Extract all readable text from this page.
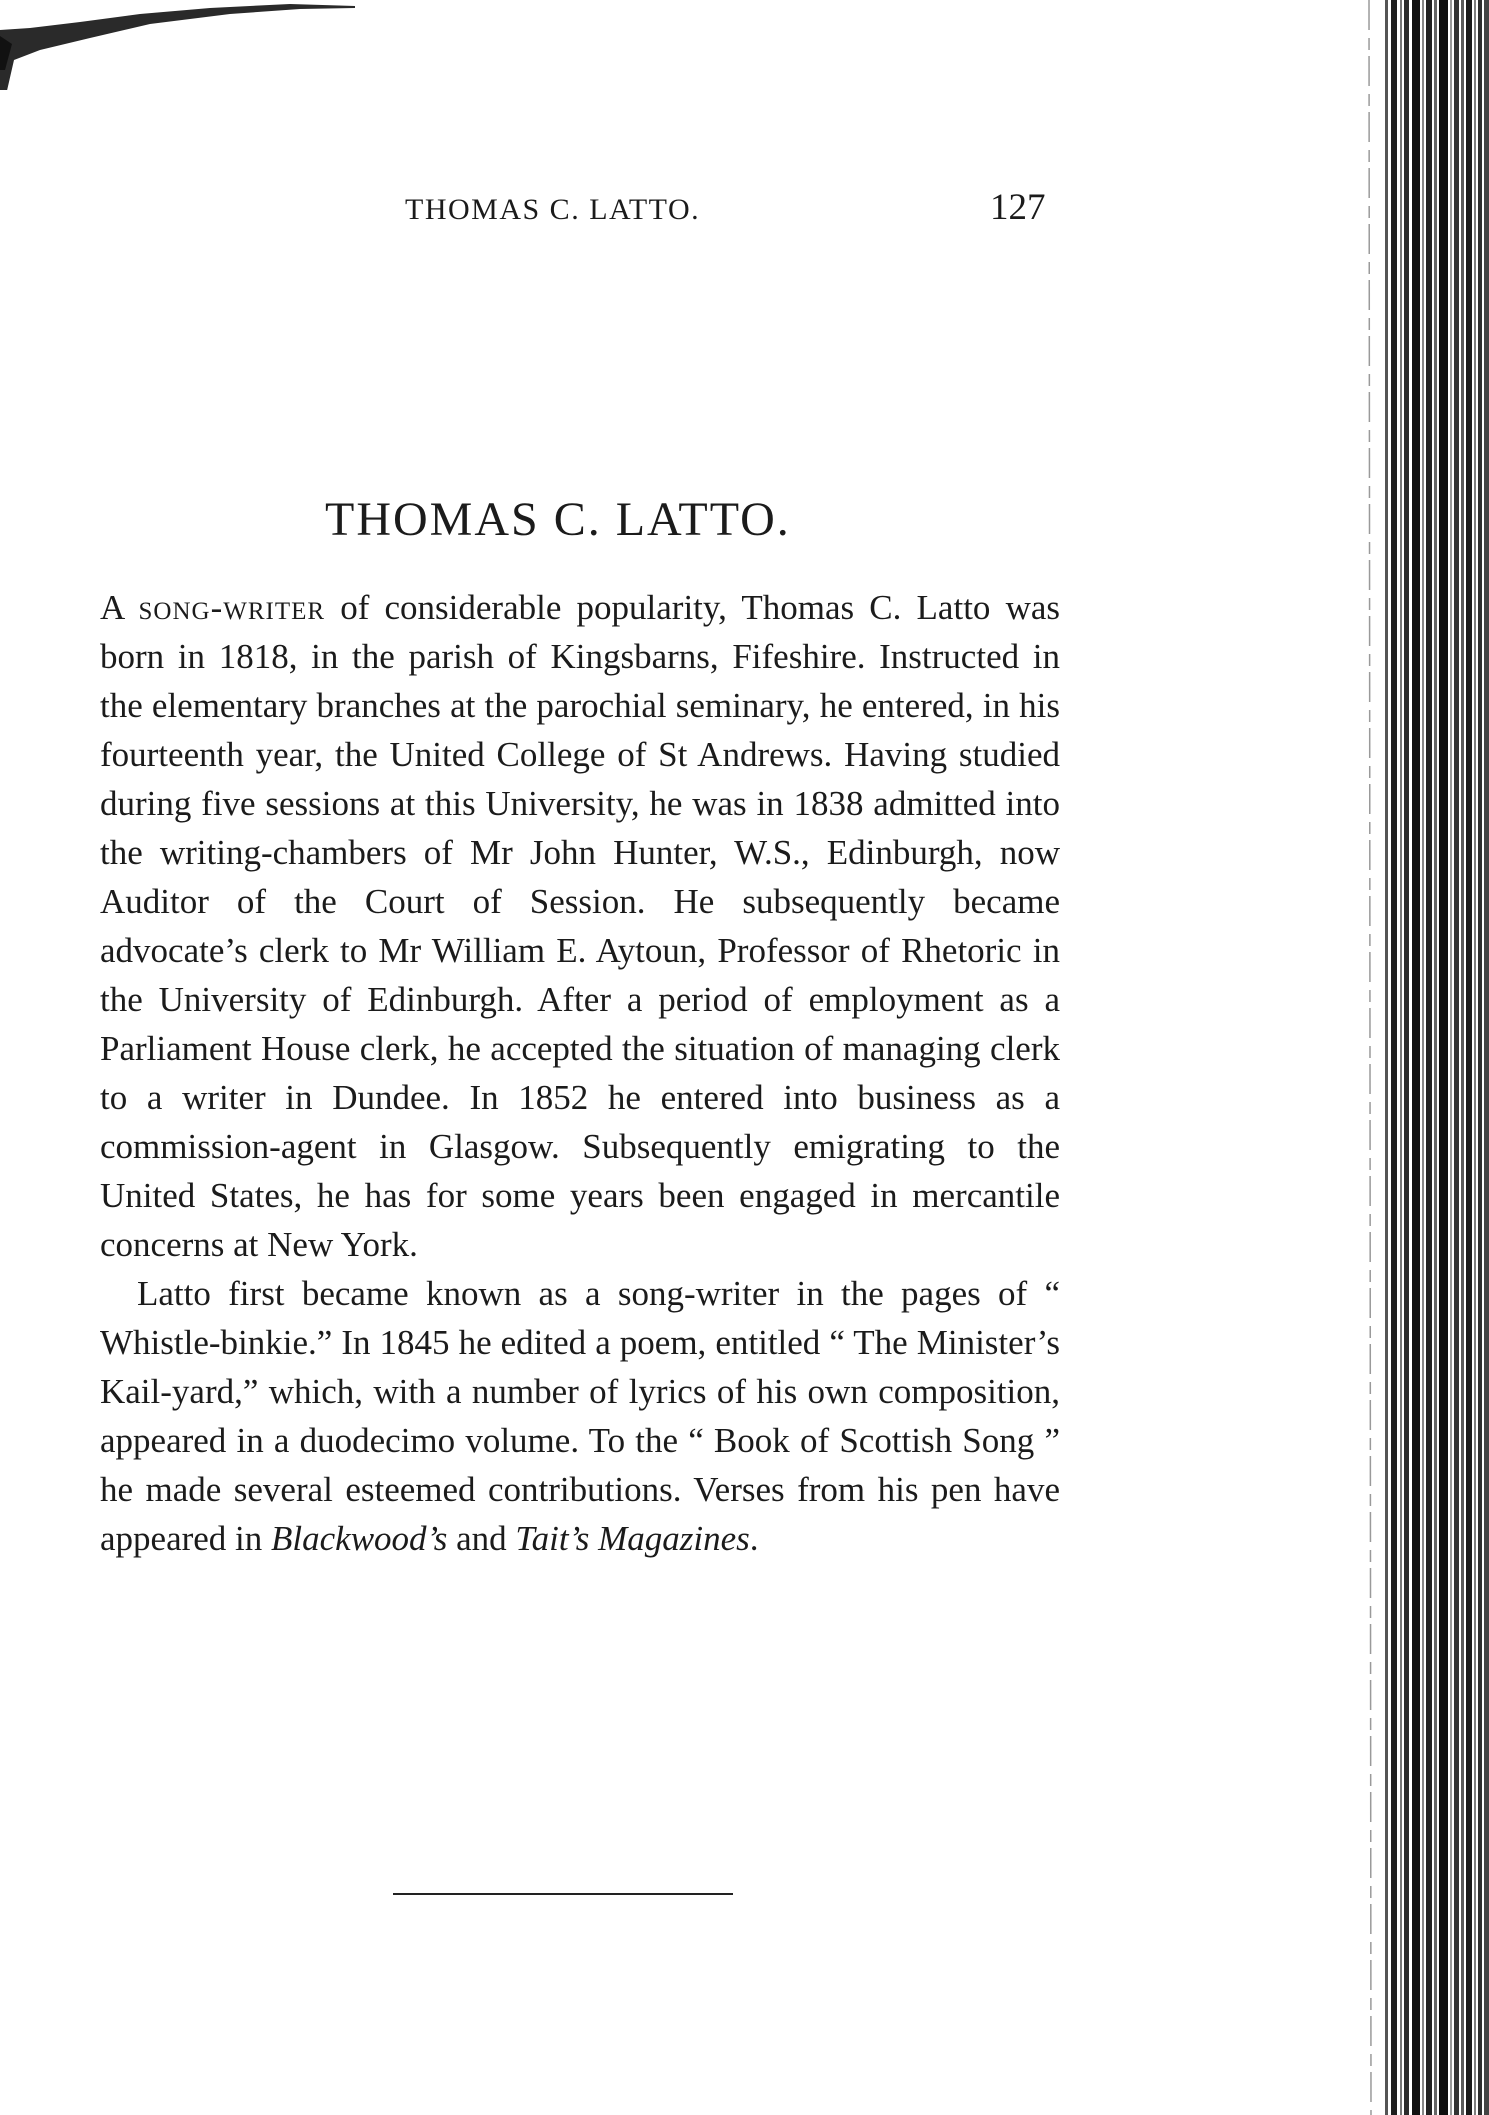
THOMAS C. LATTO.	127
THOMAS C. LATTO.

A song-writer of considerable popularity, Thomas C. Latto was born in 1818, in the parish of Kingsbarns, Fifeshire. Instructed in the elementary branches at the parochial seminary, he entered, in his fourteenth year, the United College of St Andrews. Having studied during five sessions at this University, he was in 1838 admitted into the writing-chambers of Mr John Hunter, W.S., Edinburgh, now Auditor of the Court of Session. He subsequently became advocate’s clerk to Mr William E. Aytoun, Professor of Rhetoric in the University of Edinburgh. After a period of employment as a Parliament House clerk, he accepted the situation of managing clerk to a writer in Dundee. In 1852 he entered into business as a commission-agent in Glasgow. Subsequently emigrating to the United States, he has for some years been engaged in mercantile concerns at New York.

Latto first became known as a song-writer in the pages of “ Whistle-binkie.” In 1845 he edited a poem, entitled “ The Minister’s Kail-yard,” which, with a number of lyrics of his own composition, appeared in a duodecimo volume. To the “ Book of Scottish Song ” he made several esteemed contributions. Verses from his pen have appeared in Blackwood’s and Tait’s Magazines.
